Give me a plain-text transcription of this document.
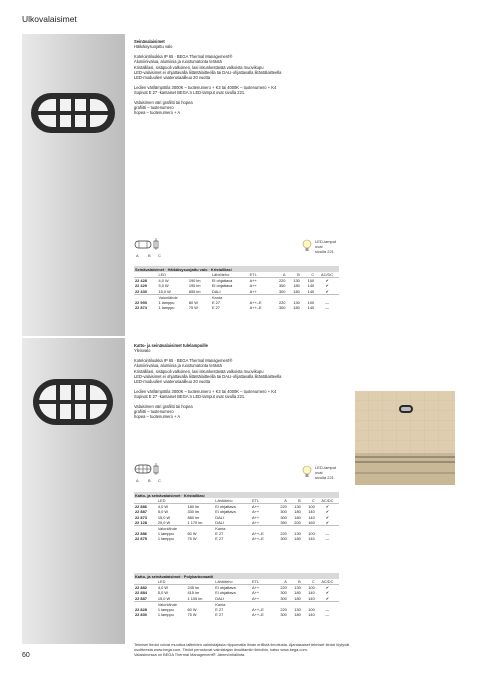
Ulkovalaisimet
Seinävalaisimet
Häikäisysuojattu valo
Kotelointiluokka IP 65 · BEGA Thermal Management®
Alumiinivalua, alumiinia ja ruostumatonta terästä
Kristallilasi, sisäpuoli valkoinen, lasi iskunkestävää valkoista muovikupu
LED-valaisimet ei ohjattavalla liitäntälaitteella tai DALI-ohjattavalla liitäntälaitteella
LED-moduulien vaaterusaalikuu 20 vuotta
Ledien värilämpötila 3000K – tuotenumero + K3 tai 4000K – tuotenumero + K4
Sopivat E 27 -kantaiset BEGA:n LED-lamput ovat sivulla 221.
Valaisimen väri grafiitti tai hopea
grafiitti – tuotenumero
hopea – tuotenumero + A
A B C
LED-lamput
ovat
sivulla 221.
Seinävalaisimet · Häikäisysuojattu valo · Kristallilasi								
	LED		Lähtöteho	ETL	A	B	C	AC/DC
22 428	4,0 W	190 lm	Ei ohjattava	A++	220	130	100	✔
22 429	5,0 W	195 lm	Ei ohjattava	A++	300	180	140	✔
22 430	15,0 W	655 lm	DALI	A++	300	180	140	✔
	Valonlähde		Kanta					
22 993	1 lamppu	60 W	E 27	A++–E	220	130	100	—
22 874	1 lamppu	75 W	E 27	A++–E	300	180	140	—
Katto- ja seinävalaisimet tulelampoille
Yleisvalo
Kotelointiluokka IP 65 · BEGA Thermal Management®
Alumiinivalua, alumiinia ja ruostumatonta terästä
Kristallilasi, sisäpuoli valkoinen, lasi iskunkestävää valkoista muovikupu
LED-valaisimet ei ohjattavalla liitäntälaitteella tai DALI-ohjattavalla liitäntälaitteella
LED-moduulien vaaterusaalikuu 20 vuotta
Ledien värilämpötila 3000K – tuotenumero + K3 tai 4000K – tuotenumero + K4
Sopivat E 27 -kantaiset BEGA:n LED-lamput ovat sivulla 221.
Valaisimen väri grafiitti tai hopea
grafiitti – tuotenumero
hopea – tuotenumero + A
A B C
LED-lamput
ovat
sivulla 221.
Katto- ja seinävalaisimet · Kristallilasi								
	LED		Lähtöteho	ETL	A	B	C	AC/DC
22 886	4,0 W	180 lm	Ei ohjattava	A++	220	130	100	✔
22 887	5,0 W	330 lm	Ei ohjattava	A++	300	180	140	✔
22 873	15,0 W	880 lm	DALI	A++	300	180	140	✔
22 128	20,0 W	1 170 lm	DALI	A++	350	200	160	✔
	Valonlähde		Kanta					
22 886	1 lamppu	60 W	E 27	A++–E	220	130	100	—
22 875	1 lamppu	75 W	E 27	A++–E	300	180	140	—
Katto- ja seinävalaisimet · Polykarbonaatti								
	LED		Lähtöteho	ETL	A	B	C	AC/DC
22 882	4,0 W	245 lm	Ei ohjattava	A++	220	130	100	✔
22 884	5,0 W	415 lm	Ei ohjattava	A++	300	180	140	✔
22 887	15,0 W	1 105 lm	DALI	A++	300	180	140	✔
	Valonlähde		Kanta					
22 828	1 lamppu	60 W	E 27	A++–E	220	130	100	—
22 830	1 lamppu	75 W	E 27	A++–E	300	180	140	—
Tekniset tiedot voivat muuttua laitteiden valmistajasta riippumatta ilman erillistä ilmoitusta. Ajantasaiset tekniset tiedot löytyvät
osoitteesta www.bega.com. Tiedot perustuvat valmistajan ilmoittamiin tietoihin, katso www.bega.com.
Valaisimessa on BEGA Thermal Management® -lämmönhallinta.
60
